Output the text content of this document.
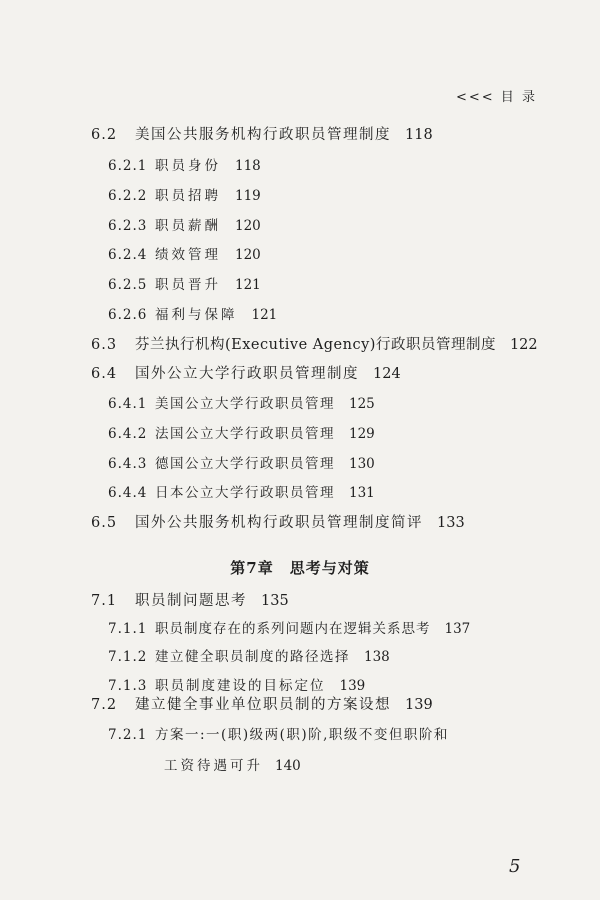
<<< 目 录
6.2 美国公共服务机构行政职员管理制度 118
6.2.1 职员身份 118
6.2.2 职员招聘 119
6.2.3 职员薪酬 120
6.2.4 绩效管理 120
6.2.5 职员晋升 121
6.2.6 福利与保障 121
6.3 芬兰执行机构(Executive Agency)行政职员管理制度 122
6.4 国外公立大学行政职员管理制度 124
6.4.1 美国公立大学行政职员管理 125
6.4.2 法国公立大学行政职员管理 129
6.4.3 德国公立大学行政职员管理 130
6.4.4 日本公立大学行政职员管理 131
6.5 国外公共服务机构行政职员管理制度简评 133
第7章 思考与对策
7.1 职员制问题思考 135
7.1.1 职员制度存在的系列问题内在逻辑关系思考 137
7.1.2 建立健全职员制度的路径选择 138
7.1.3 职员制度建设的目标定位 139
7.2 建立健全事业单位职员制的方案设想 139
7.2.1 方案一:一(职)级两(职)阶,职级不变但职阶和
工资待遇可升 140
5
